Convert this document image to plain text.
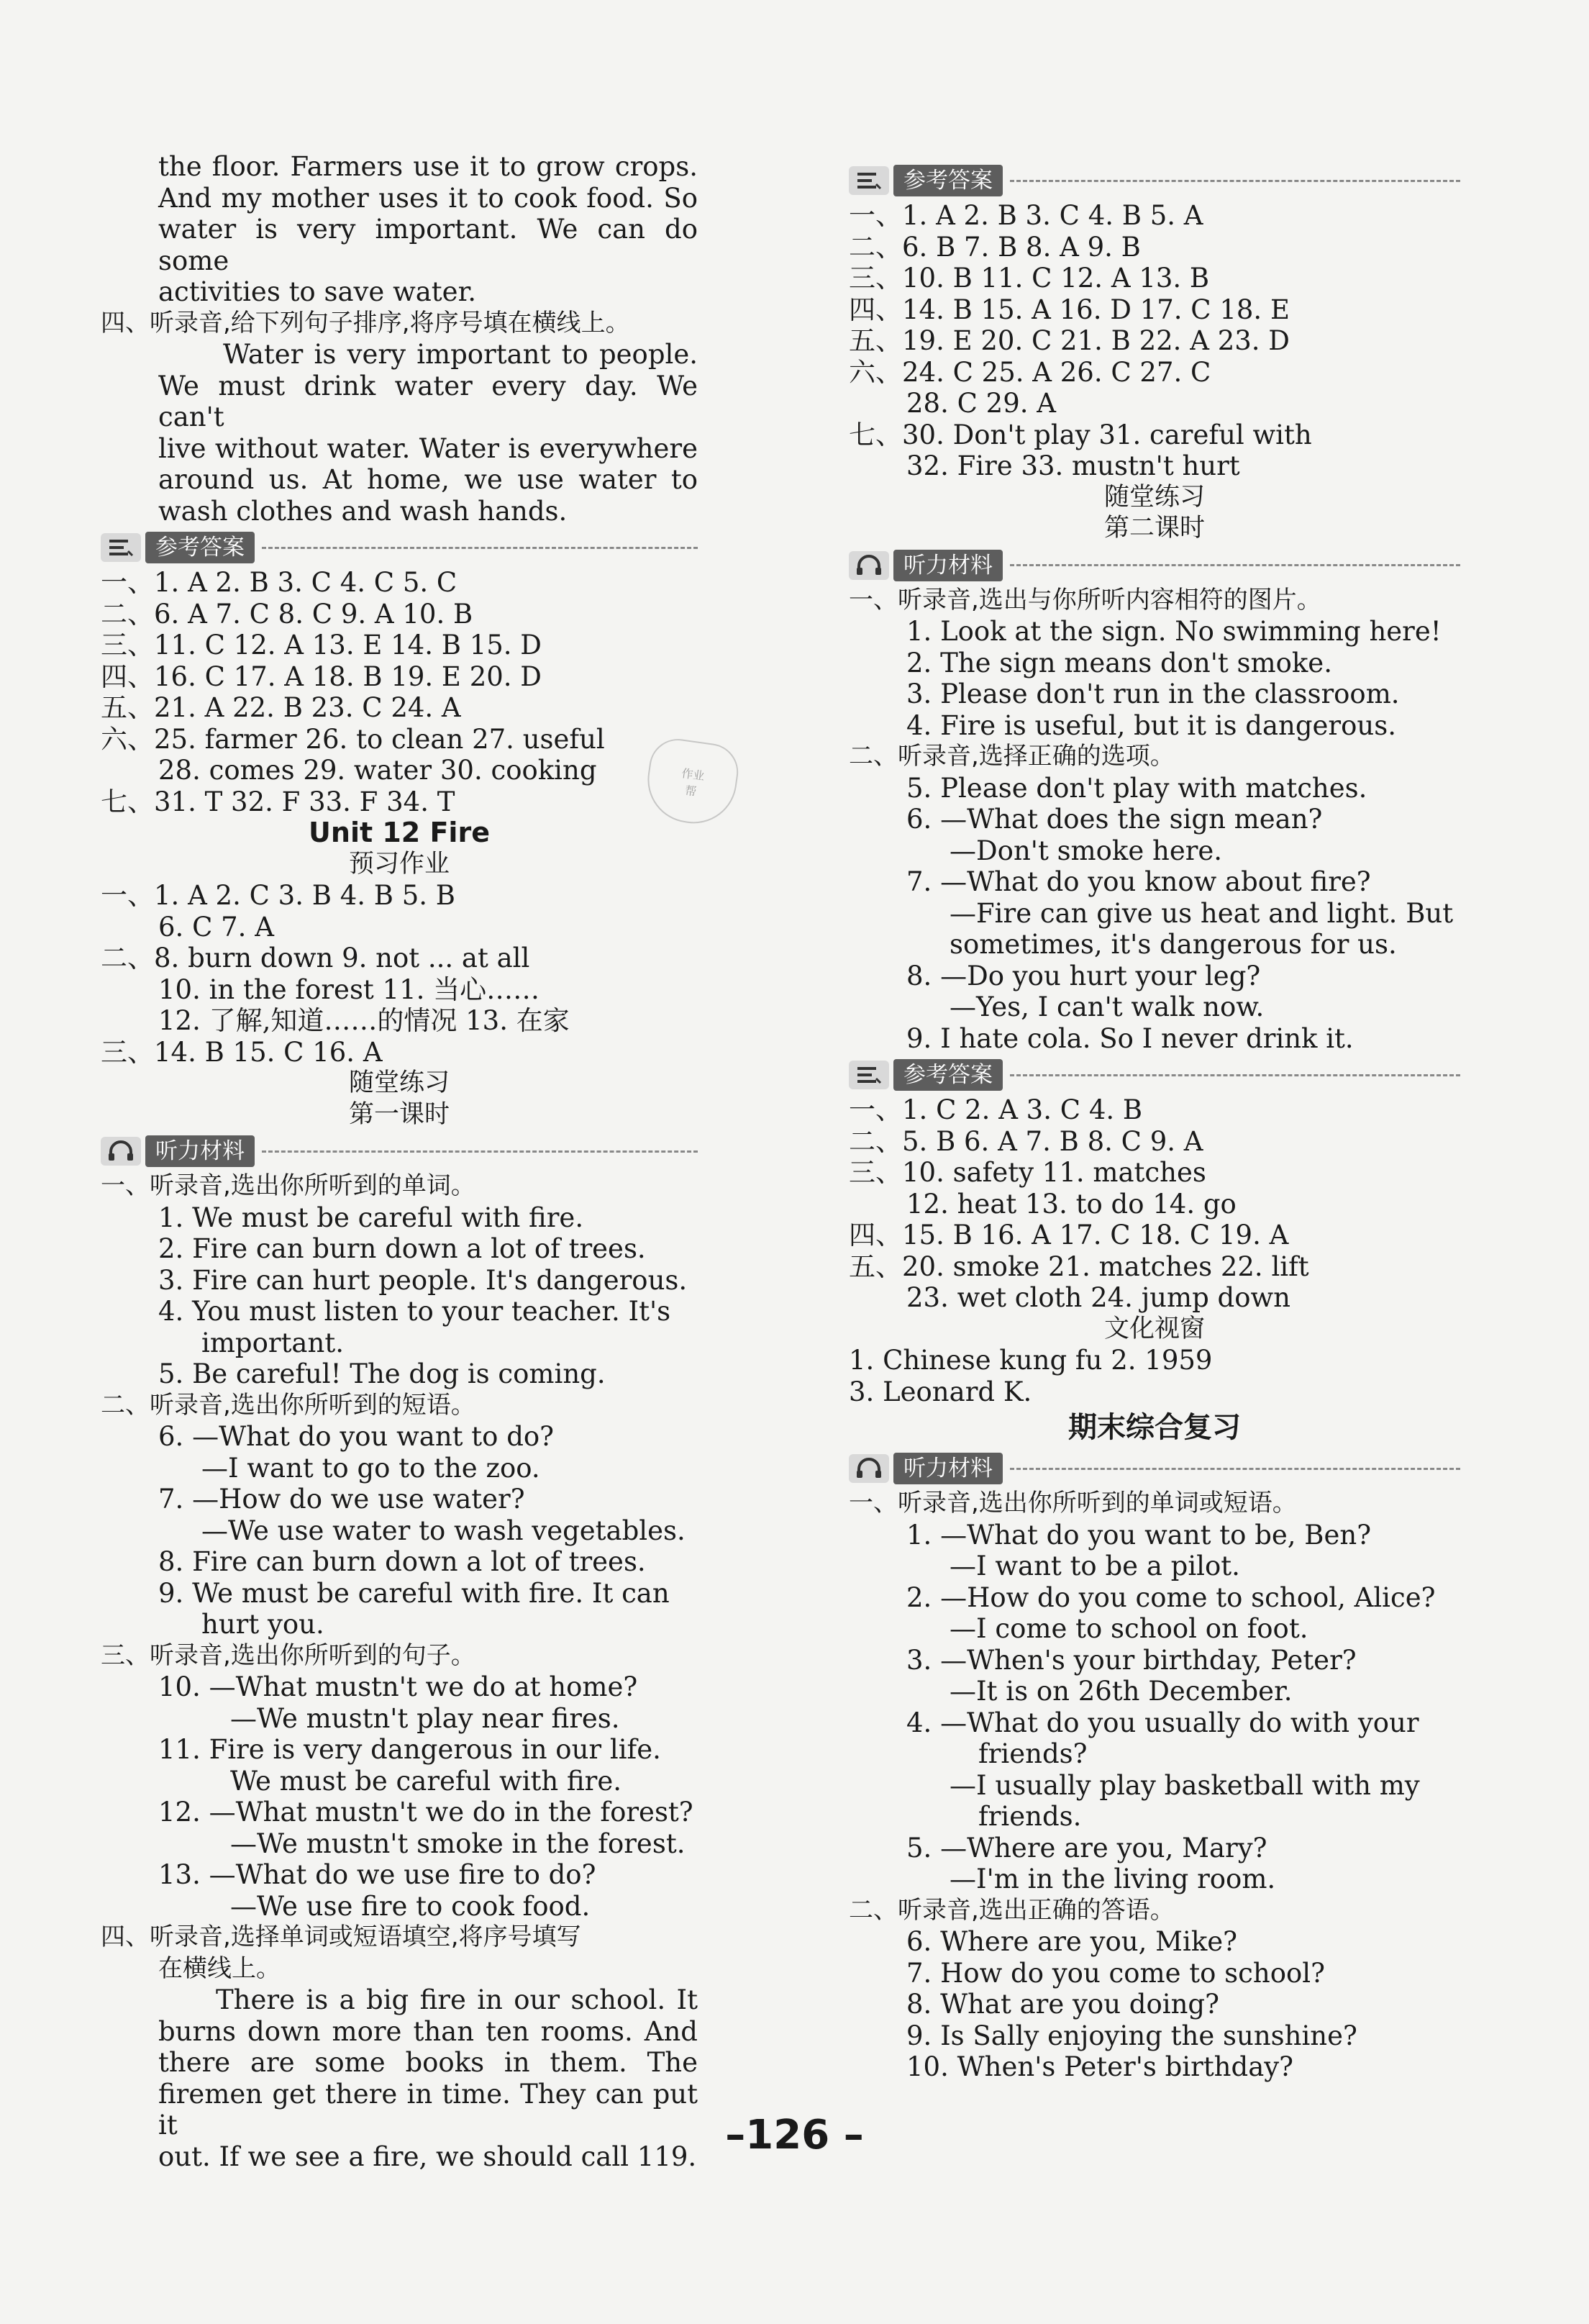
the floor. Farmers use it to grow crops.
And my mother uses it to cook food. So
water is very important. We can do some
activities to save water.
四、听录音,给下列句子排序,将序号填在横线上。
Water is very important to people.
We must drink water every day. We can't
live without water. Water is everywhere
around us. At home, we use water to
wash clothes and wash hands.
参考答案
一、1. A 2. B 3. C 4. C 5. C
二、6. A 7. C 8. C 9. A 10. B
三、11. C 12. A 13. E 14. B 15. D
四、16. C 17. A 18. B 19. E 20. D
五、21. A 22. B 23. C 24. A
六、25. farmer 26. to clean 27. useful
28. comes 29. water 30. cooking
七、31. T 32. F 33. F 34. T
Unit 12 Fire
预习作业
一、1. A 2. C 3. B 4. B 5. B
6. C 7. A
二、8. burn down 9. not ... at all
10. in the forest 11. 当心……
12. 了解,知道……的情况 13. 在家
三、14. B 15. C 16. A
随堂练习
第一课时
听力材料
一、听录音,选出你所听到的单词。
1. We must be careful with fire.
2. Fire can burn down a lot of trees.
3. Fire can hurt people. It's dangerous.
4. You must listen to your teacher. It's
important.
5. Be careful! The dog is coming.
二、听录音,选出你所听到的短语。
6. —What do you want to do?
—I want to go to the zoo.
7. —How do we use water?
—We use water to wash vegetables.
8. Fire can burn down a lot of trees.
9. We must be careful with fire. It can
hurt you.
三、听录音,选出你所听到的句子。
10. —What mustn't we do at home?
—We mustn't play near fires.
11. Fire is very dangerous in our life.
We must be careful with fire.
12. —What mustn't we do in the forest?
—We mustn't smoke in the forest.
13. —What do we use fire to do?
—We use fire to cook food.
四、听录音,选择单词或短语填空,将序号填写
在横线上。
There is a big fire in our school. It
burns down more than ten rooms. And
there are some books in them. The
firemen get there in time. They can put it
out. If we see a fire, we should call 119.
作业
帮
参考答案
一、1. A 2. B 3. C 4. B 5. A
二、6. B 7. B 8. A 9. B
三、10. B 11. C 12. A 13. B
四、14. B 15. A 16. D 17. C 18. E
五、19. E 20. C 21. B 22. A 23. D
六、24. C 25. A 26. C 27. C
28. C 29. A
七、30. Don't play 31. careful with
32. Fire 33. mustn't hurt
随堂练习
第二课时
听力材料
一、听录音,选出与你所听内容相符的图片。
1. Look at the sign. No swimming here!
2. The sign means don't smoke.
3. Please don't run in the classroom.
4. Fire is useful, but it is dangerous.
二、听录音,选择正确的选项。
5. Please don't play with matches.
6. —What does the sign mean?
—Don't smoke here.
7. —What do you know about fire?
—Fire can give us heat and light. But
sometimes, it's dangerous for us.
8. —Do you hurt your leg?
—Yes, I can't walk now.
9. I hate cola. So I never drink it.
参考答案
一、1. C 2. A 3. C 4. B
二、5. B 6. A 7. B 8. C 9. A
三、10. safety 11. matches
12. heat 13. to do 14. go
四、15. B 16. A 17. C 18. C 19. A
五、20. smoke 21. matches 22. lift
23. wet cloth 24. jump down
文化视窗
1. Chinese kung fu 2. 1959
3. Leonard K.
期末综合复习
听力材料
一、听录音,选出你所听到的单词或短语。
1. —What do you want to be, Ben?
—I want to be a pilot.
2. —How do you come to school, Alice?
—I come to school on foot.
3. —When's your birthday, Peter?
—It is on 26th December.
4. —What do you usually do with your
friends?
—I usually play basketball with my
friends.
5. —Where are you, Mary?
—I'm in the living room.
二、听录音,选出正确的答语。
6. Where are you, Mike?
7. How do you come to school?
8. What are you doing?
9. Is Sally enjoying the sunshine?
10. When's Peter's birthday?
–126 –
